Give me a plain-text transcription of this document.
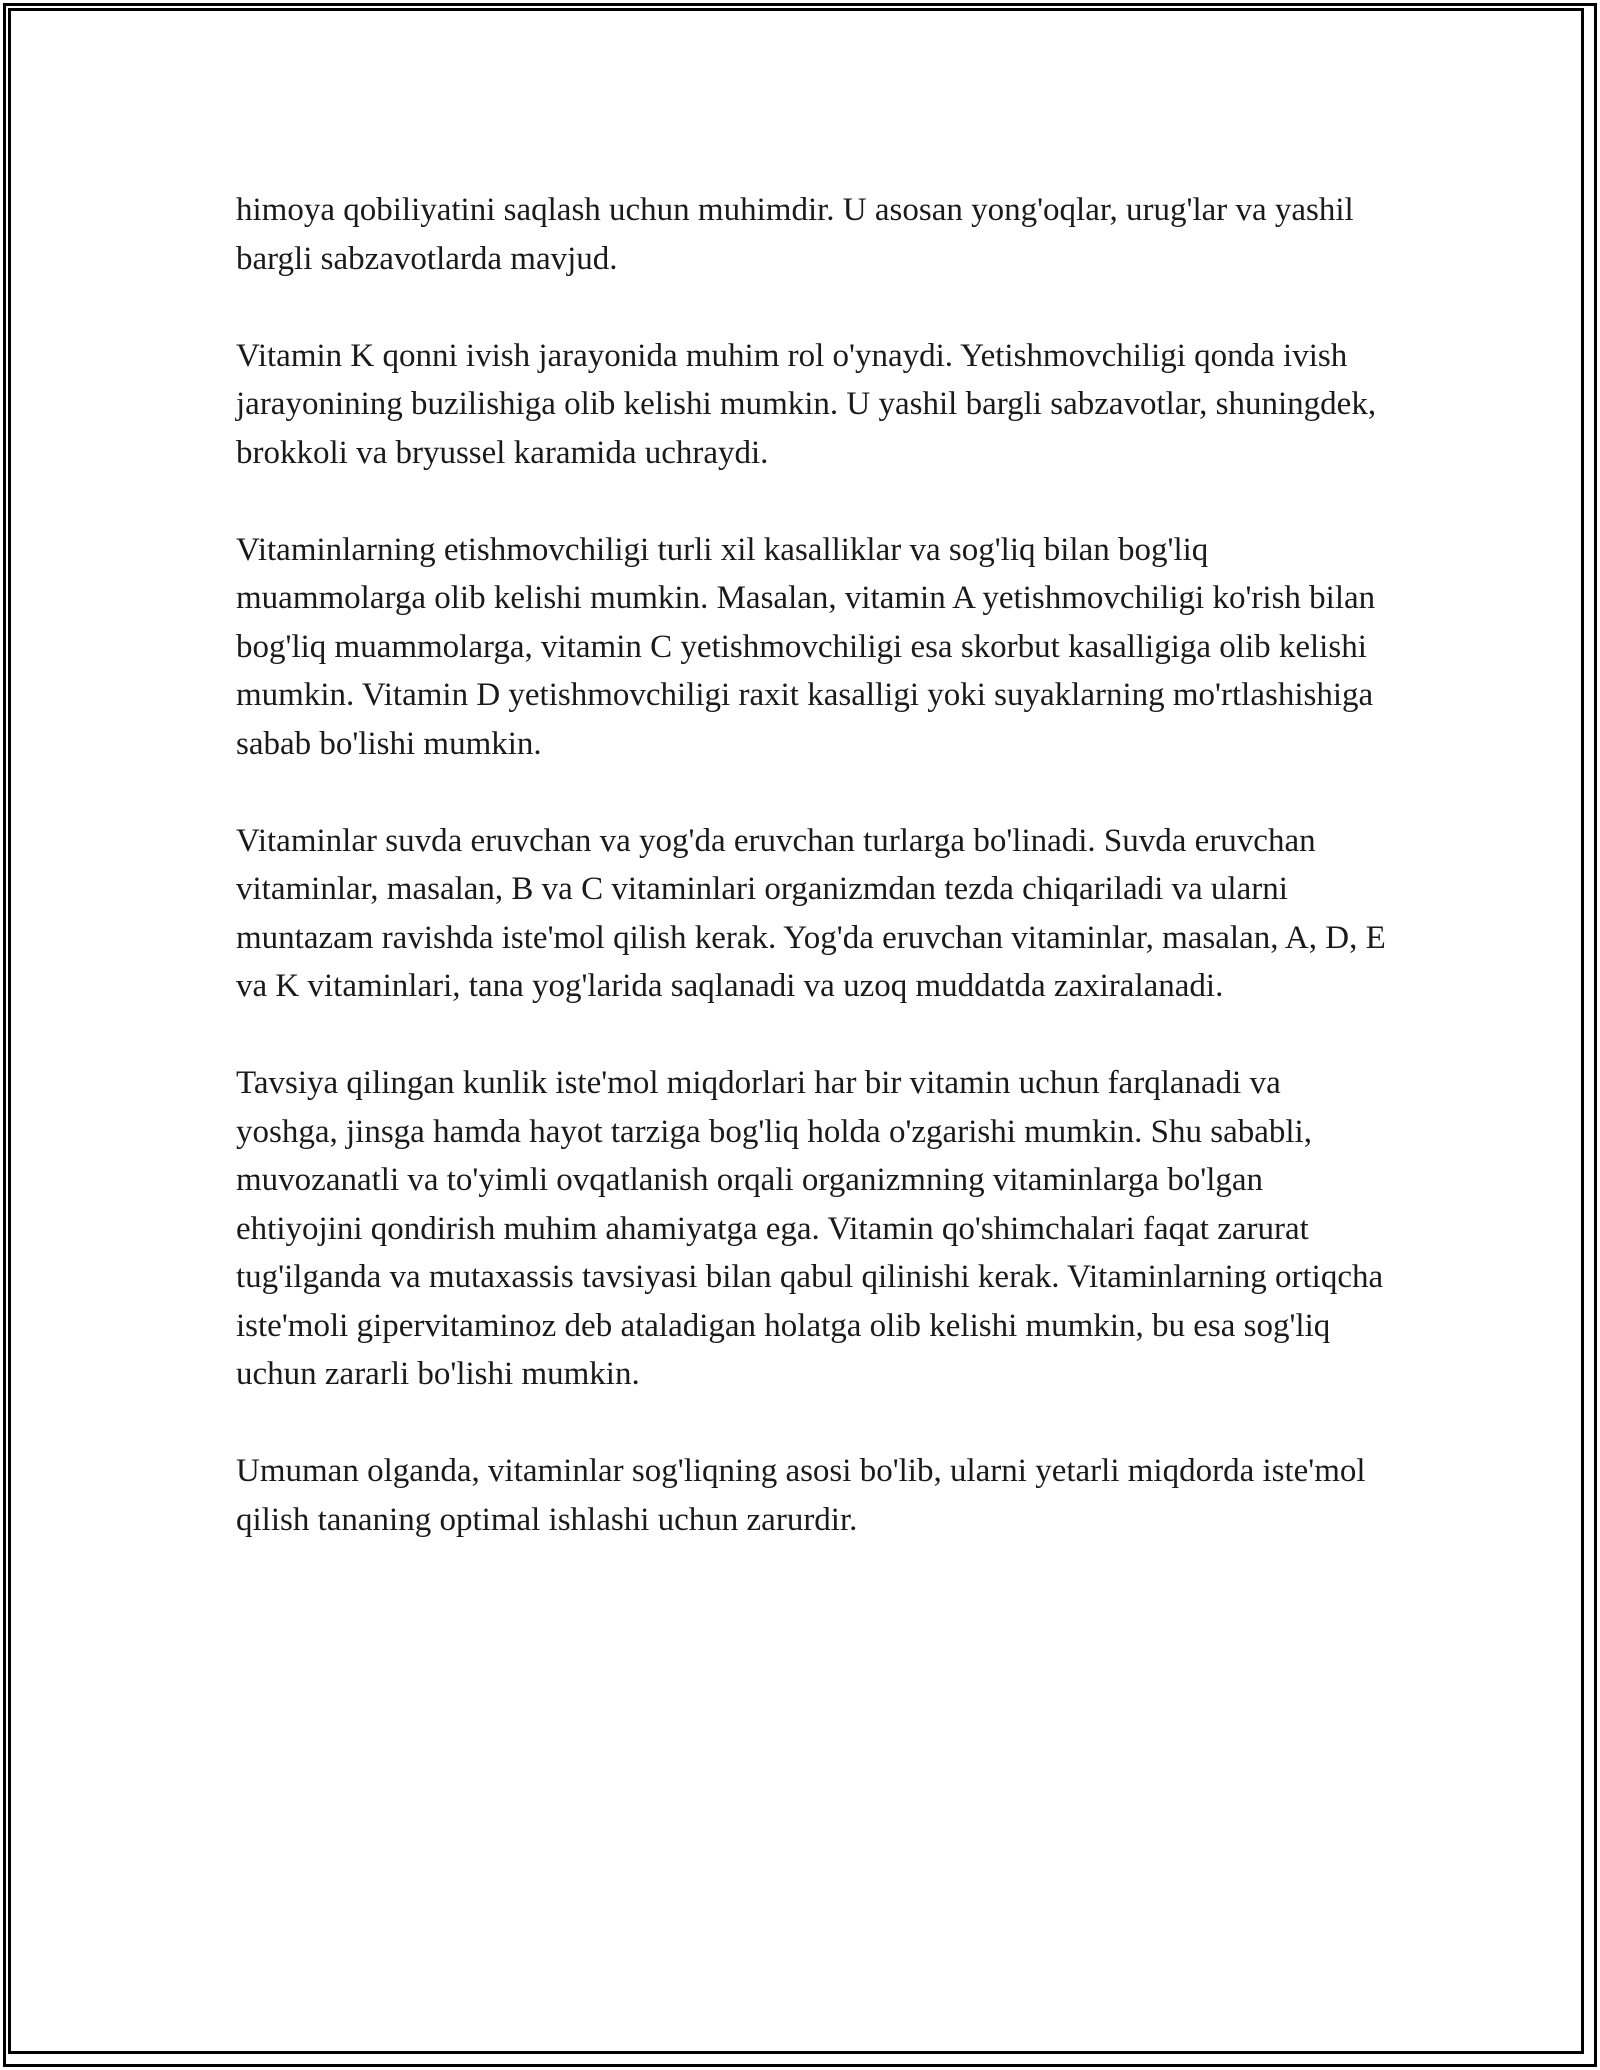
himoya qobiliyatini saqlash uchun muhimdir. U asosan yong'oqlar, urug'lar va yashil bargli sabzavotlarda mavjud.

Vitamin K qonni ivish jarayonida muhim rol o'ynaydi. Yetishmovchiligi qonda ivish jarayonining buzilishiga olib kelishi mumkin. U yashil bargli sabzavotlar, shuningdek, brokkoli va bryussel karamida uchraydi.

Vitaminlarning etishmovchiligi turli xil kasalliklar va sog'liq bilan bog'liq muammolarga olib kelishi mumkin. Masalan, vitamin A yetishmovchiligi ko'rish bilan bog'liq muammolarga, vitamin C yetishmovchiligi esa skorbut kasalligiga olib kelishi mumkin. Vitamin D yetishmovchiligi raxit kasalligi yoki suyaklarning mo'rtlashishiga sabab bo'lishi mumkin.

Vitaminlar suvda eruvchan va yog'da eruvchan turlarga bo'linadi. Suvda eruvchan vitaminlar, masalan, B va C vitaminlari organizmdan tezda chiqariladi va ularni muntazam ravishda iste'mol qilish kerak. Yog'da eruvchan vitaminlar, masalan, A, D, E va K vitaminlari, tana yog'larida saqlanadi va uzoq muddatda zaxiralanadi.

Tavsiya qilingan kunlik iste'mol miqdorlari har bir vitamin uchun farqlanadi va yoshga, jinsga hamda hayot tarziga bog'liq holda o'zgarishi mumkin. Shu sababli, muvozanatli va to'yimli ovqatlanish orqali organizmning vitaminlarga bo'lgan ehtiyojini qondirish muhim ahamiyatga ega. Vitamin qo'shimchalari faqat zarurat tug'ilganda va mutaxassis tavsiyasi bilan qabul qilinishi kerak. Vitaminlarning ortiqcha iste'moli gipervitaminoz deb ataladigan holatga olib kelishi mumkin, bu esa sog'liq uchun zararli bo'lishi mumkin.

Umuman olganda, vitaminlar sog'liqning asosi bo'lib, ularni yetarli miqdorda iste'mol qilish tananing optimal ishlashi uchun zarurdir.
